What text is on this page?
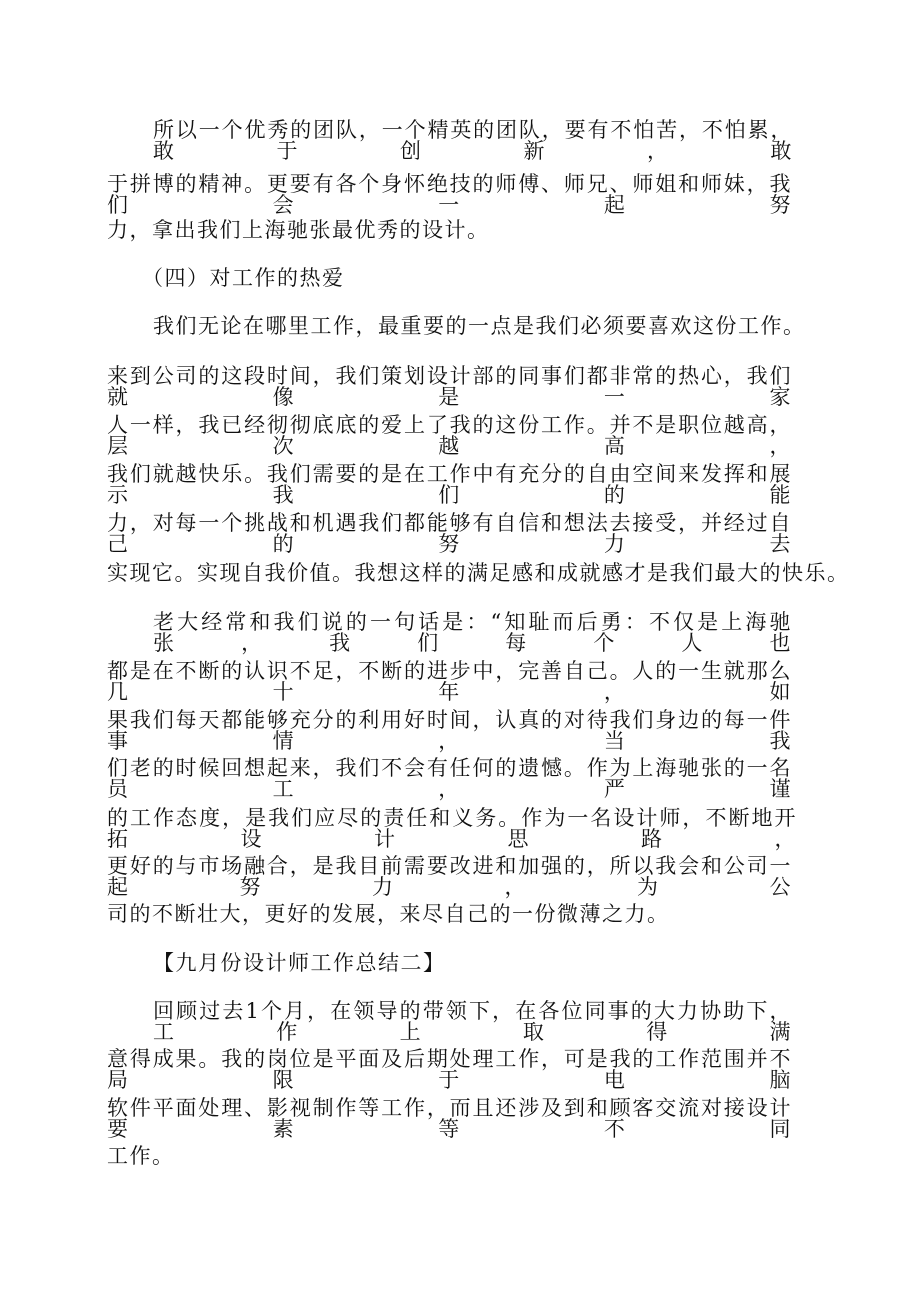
所以一个优秀的团队，一个精英的团队，要有不怕苦，不怕累，敢于创新，敢

于拼博的精神。更要有各个身怀绝技的师傅、师兄、师姐和师妹，我们会一起努

力，拿出我们上海驰张最优秀的设计。

（四）对工作的热爱

我们无论在哪里工作，最重要的一点是我们必须要喜欢这份工作。

来到公司的这段时间，我们策划设计部的同事们都非常的热心，我们就像是一家

人一样，我已经彻彻底底的爱上了我的这份工作。并不是职位越高，层次越高，

我们就越快乐。我们需要的是在工作中有充分的自由空间来发挥和展示我们的能

力，对每一个挑战和机遇我们都能够有自信和想法去接受，并经过自己的努力去

实现它。实现自我价值。我想这样的满足感和成就感才是我们最大的快乐。

老大经常和我们说的一句话是：“知耻而后勇：不仅是上海驰张，我们每个人也

都是在不断的认识不足，不断的进步中，完善自己。人的一生就那么几十年，如

果我们每天都能够充分的利用好时间，认真的对待我们身边的每一件事情，当我

们老的时候回想起来，我们不会有任何的遗憾。作为上海驰张的一名员工，严谨

的工作态度，是我们应尽的责任和义务。作为一名设计师，不断地开拓设计思路，

更好的与市场融合，是我目前需要改进和加强的，所以我会和公司一起努力，为公

司的不断壮大，更好的发展，来尽自己的一份微薄之力。

【九月份设计师工作总结二】

回顾过去1个月，在领导的带领下，在各位同事的大力协助下，工作上取得满

意得成果。我的岗位是平面及后期处理工作，可是我的工作范围并不局限于电脑

软件平面处理、影视制作等工作，而且还涉及到和顾客交流对接设计要素等不同

工作。
